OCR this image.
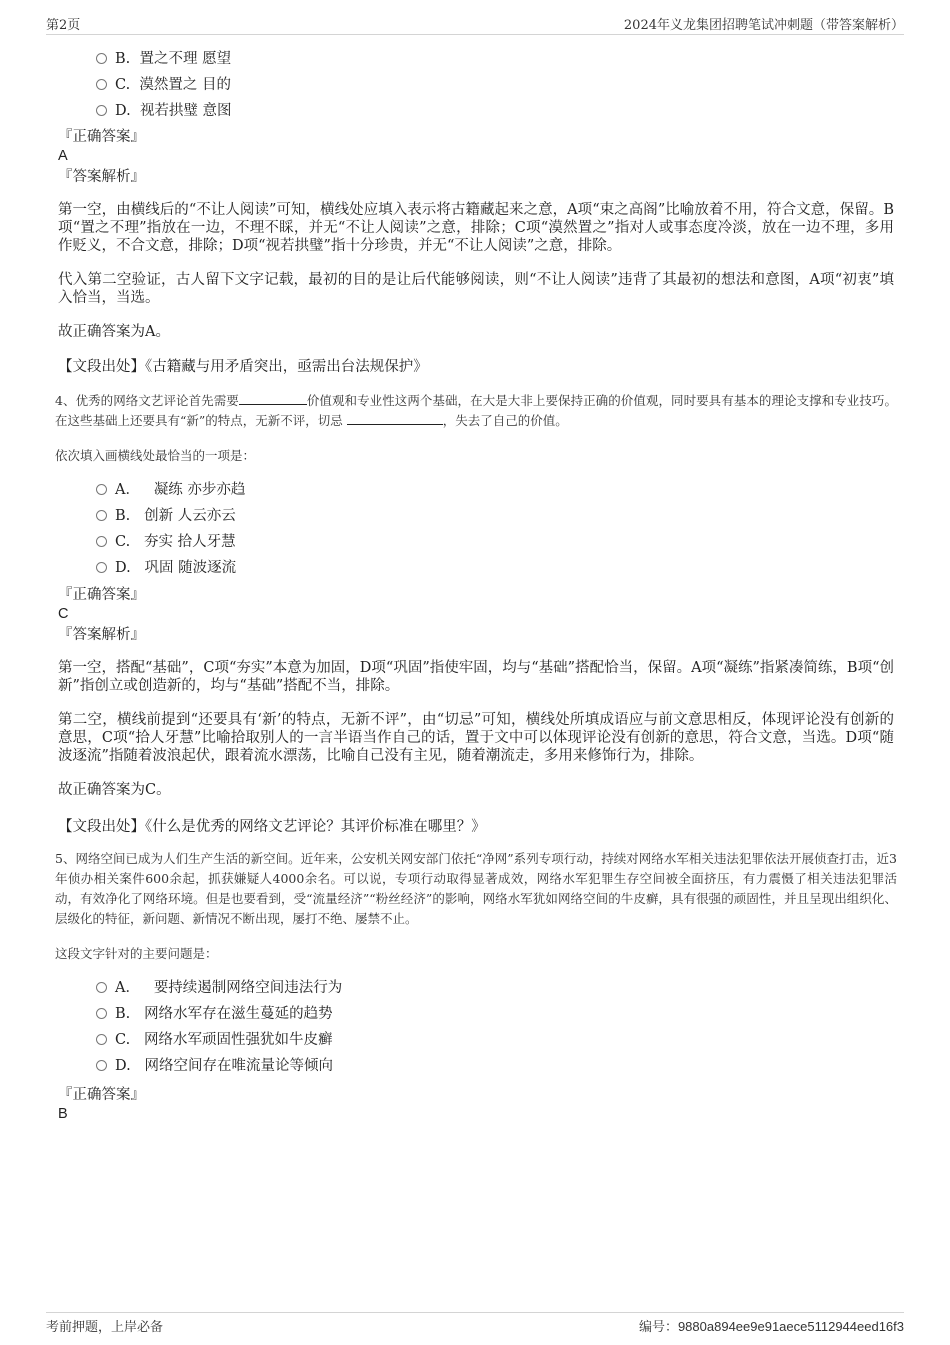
第2页	2024年义龙集团招聘笔试冲刺题（带答案解析）
B. 置之不理 愿望
C. 漠然置之 目的
D. 视若拱璧 意图
『正确答案』
A
『答案解析』
第一空，由横线后的“不让人阅读”可知，横线处应填入表示将古籍藏起来之意，A项“束之高阁”比喻放着不用，符合文意，保留。B项“置之不理”指放在一边，不理不睬，并无“不让人阅读”之意，排除；C项“漠然置之”指对人或事态度冷淡，放在一边不理，多用作贬义，不合文意，排除；D项“视若拱璧”指十分珍贵，并无“不让人阅读”之意，排除。
代入第二空验证，古人留下文字记载，最初的目的是让后代能够阅读，则“不让人阅读”违背了其最初的想法和意图，A项“初衷”填入恰当，当选。
故正确答案为A。
【文段出处】《古籍藏与用矛盾突出，亟需出台法规保护》
4、优秀的网络文艺评论首先需要	价值观和专业性这两个基础，在大是大非上要保持正确的价值观，同时要具有基本的理论支撑和专业技巧。在这些基础上还要具有“新”的特点，无新不评，切忌	，失去了自己的价值。
依次填入画横线处最恰当的一项是：
A． 凝练 亦步亦趋
B. 创新 人云亦云
C. 夯实 拾人牙慧
D. 巩固 随波逐流
『正确答案』
C
『答案解析』
第一空，搭配“基础”，C项“夯实”本意为加固，D项“巩固”指使牢固，均与“基础”搭配恰当，保留。A项“凝练”指紧凑简练，B项“创新”指创立或创造新的，均与“基础”搭配不当，排除。
第二空，横线前提到“还要具有‘新’的特点，无新不评”，由“切忌”可知，横线处所填成语应与前文意思相反，体现评论没有创新的意思，C项“拾人牙慧”比喻拾取别人的一言半语当作自己的话，置于文中可以体现评论没有创新的意思，符合文意，当选。D项“随波逐流”指随着波浪起伏，跟着流水漂荡，比喻自己没有主见，随着潮流走，多用来修饰行为，排除。
故正确答案为C。
【文段出处】《什么是优秀的网络文艺评论？其评价标准在哪里？》
5、网络空间已成为人们生产生活的新空间。近年来，公安机关网安部门依托“净网”系列专项行动，持续对网络水军相关违法犯罪依法开展侦查打击，近3年侦办相关案件600余起，抓获嫌疑人4000余名。可以说，专项行动取得显著成效，网络水军犯罪生存空间被全面挤压，有力震慑了相关违法犯罪活动，有效净化了网络环境。但是也要看到，受“流量经济”“粉丝经济”的影响，网络水军犹如网络空间的牛皮癣，具有很强的顽固性，并且呈现出组织化、层级化的特征，新问题、新情况不断出现，屡打不绝、屡禁不止。
这段文字针对的主要问题是：
A． 要持续遏制网络空间违法行为
B. 网络水军存在滋生蔓延的趋势
C. 网络水军顽固性强犹如牛皮癣
D. 网络空间存在唯流量论等倾向
『正确答案』
B
考前押题，上岸必备	编号：9880a894ee9e91aece5112944eed16f3
